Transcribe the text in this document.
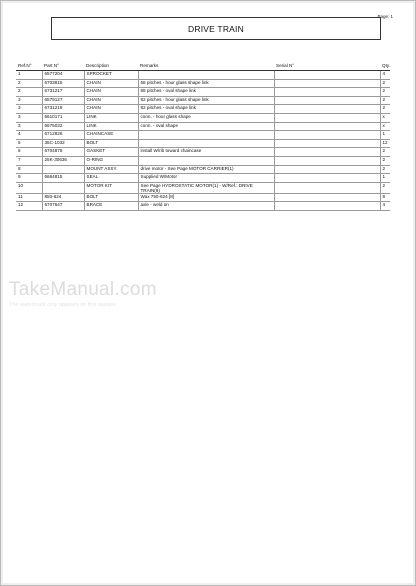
Page: 1
DRIVE TRAIN
Ref.N°	Part N°	Description	Remarks	Serial N°	Qty.
1	6577204	SPROCKET			4
2	6703815	CHAIN	68 pitches - hour glass shape link		2
2	6731217	CHAIN	68 pitches - oval shape link		2
3	6579127	CHAIN	82 pitches - hour glass shape link		2
3	6731218	CHAIN	82 pitches - oval shape link		2
3	6610171	LINK	conn. - hour glass shape		x
3	6675032	LINK	conn. - oval shape		x
4	6712826	CHAINCASE			1
5	35C-1032	BOLT			12
6	6704878	GASKET	install W/rib toward chaincase		2
7	25K-30636	O-RING			2
8		MOUNT ASSY.	drive motor - See Page MOTOR CARRIER(1)		2
9	6664815	SEAL	Supplied W/Motor		1
10		MOTOR KIT	See Page HYDROSTATIC MOTOR(1) - W/Ref.: DRIVE TRAIN(9)		2
11	850-624	BOLT	Wax 750-624 [8]		8
12	6707647	BRACE	axle - weld on		4
TakeManual.com
The watermark only appears on this sample
